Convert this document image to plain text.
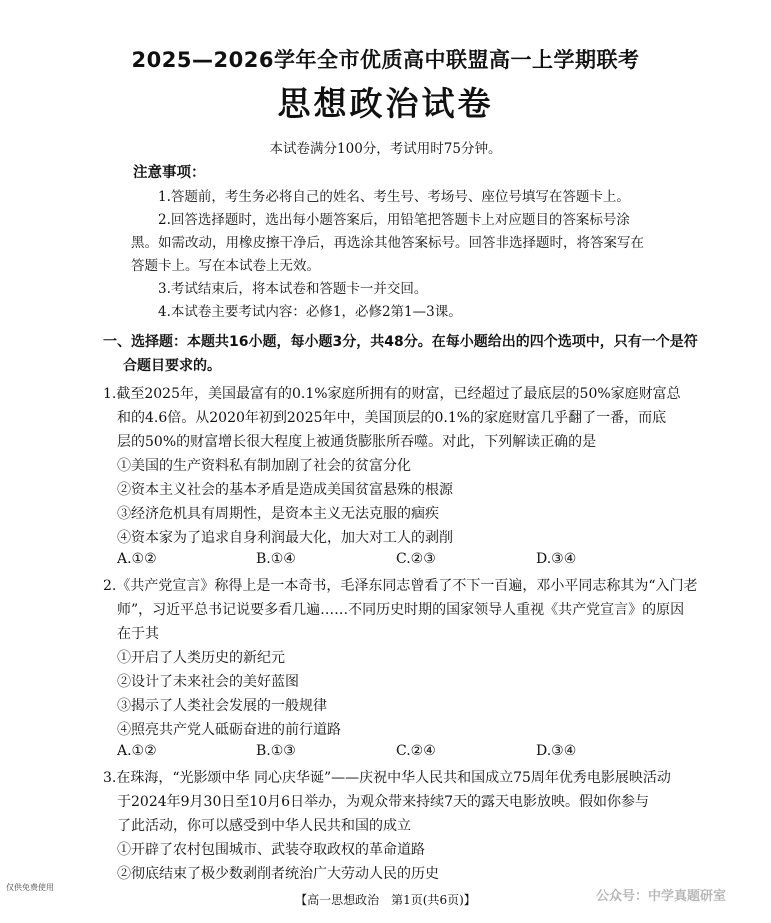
2025—2026学年全市优质高中联盟高一上学期联考
思想政治试卷
本试卷满分100分，考试用时75分钟。
注意事项：
1.答题前，考生务必将自己的姓名、考生号、考场号、座位号填写在答题卡上。
2.回答选择题时，选出每小题答案后，用铅笔把答题卡上对应题目的答案标号涂
黑。如需改动，用橡皮擦干净后，再选涂其他答案标号。回答非选择题时，将答案写在
答题卡上。写在本试卷上无效。
3.考试结束后，将本试卷和答题卡一并交回。
4.本试卷主要考试内容：必修1，必修2第1—3课。
一、选择题：本题共16小题，每小题3分，共48分。在每小题给出的四个选项中，只有一个是符
合题目要求的。
1.截至2025年，美国最富有的0.1%家庭所拥有的财富，已经超过了最底层的50%家庭财富总
和的4.6倍。从2020年初到2025年中，美国顶层的0.1%的家庭财富几乎翻了一番，而底
层的50%的财富增长很大程度上被通货膨胀所吞噬。对此，下列解读正确的是
①美国的生产资料私有制加剧了社会的贫富分化
②资本主义社会的基本矛盾是造成美国贫富悬殊的根源
③经济危机具有周期性，是资本主义无法克服的痼疾
④资本家为了追求自身利润最大化，加大对工人的剥削
A.①②	B.①④	C.②③	D.③④
2.《共产党宣言》称得上是一本奇书，毛泽东同志曾看了不下一百遍，邓小平同志称其为“入门老
师”，习近平总书记说要多看几遍……不同历史时期的国家领导人重视《共产党宣言》的原因
在于其
①开启了人类历史的新纪元
②设计了未来社会的美好蓝图
③揭示了人类社会发展的一般规律
④照亮共产党人砥砺奋进的前行道路
A.①②	B.①③	C.②④	D.③④
3.在珠海，“光影颂中华 同心庆华诞”——庆祝中华人民共和国成立75周年优秀电影展映活动
于2024年9月30日至10月6日举办，为观众带来持续7天的露天电影放映。假如你参与
了此活动，你可以感受到中华人民共和国的成立
①开辟了农村包围城市、武装夺取政权的革命道路
②彻底结束了极少数剥削者统治广大劳动人民的历史
仅供免费使用
【高一思想政治　第1页(共6页)】	公众号：中学真题研室
